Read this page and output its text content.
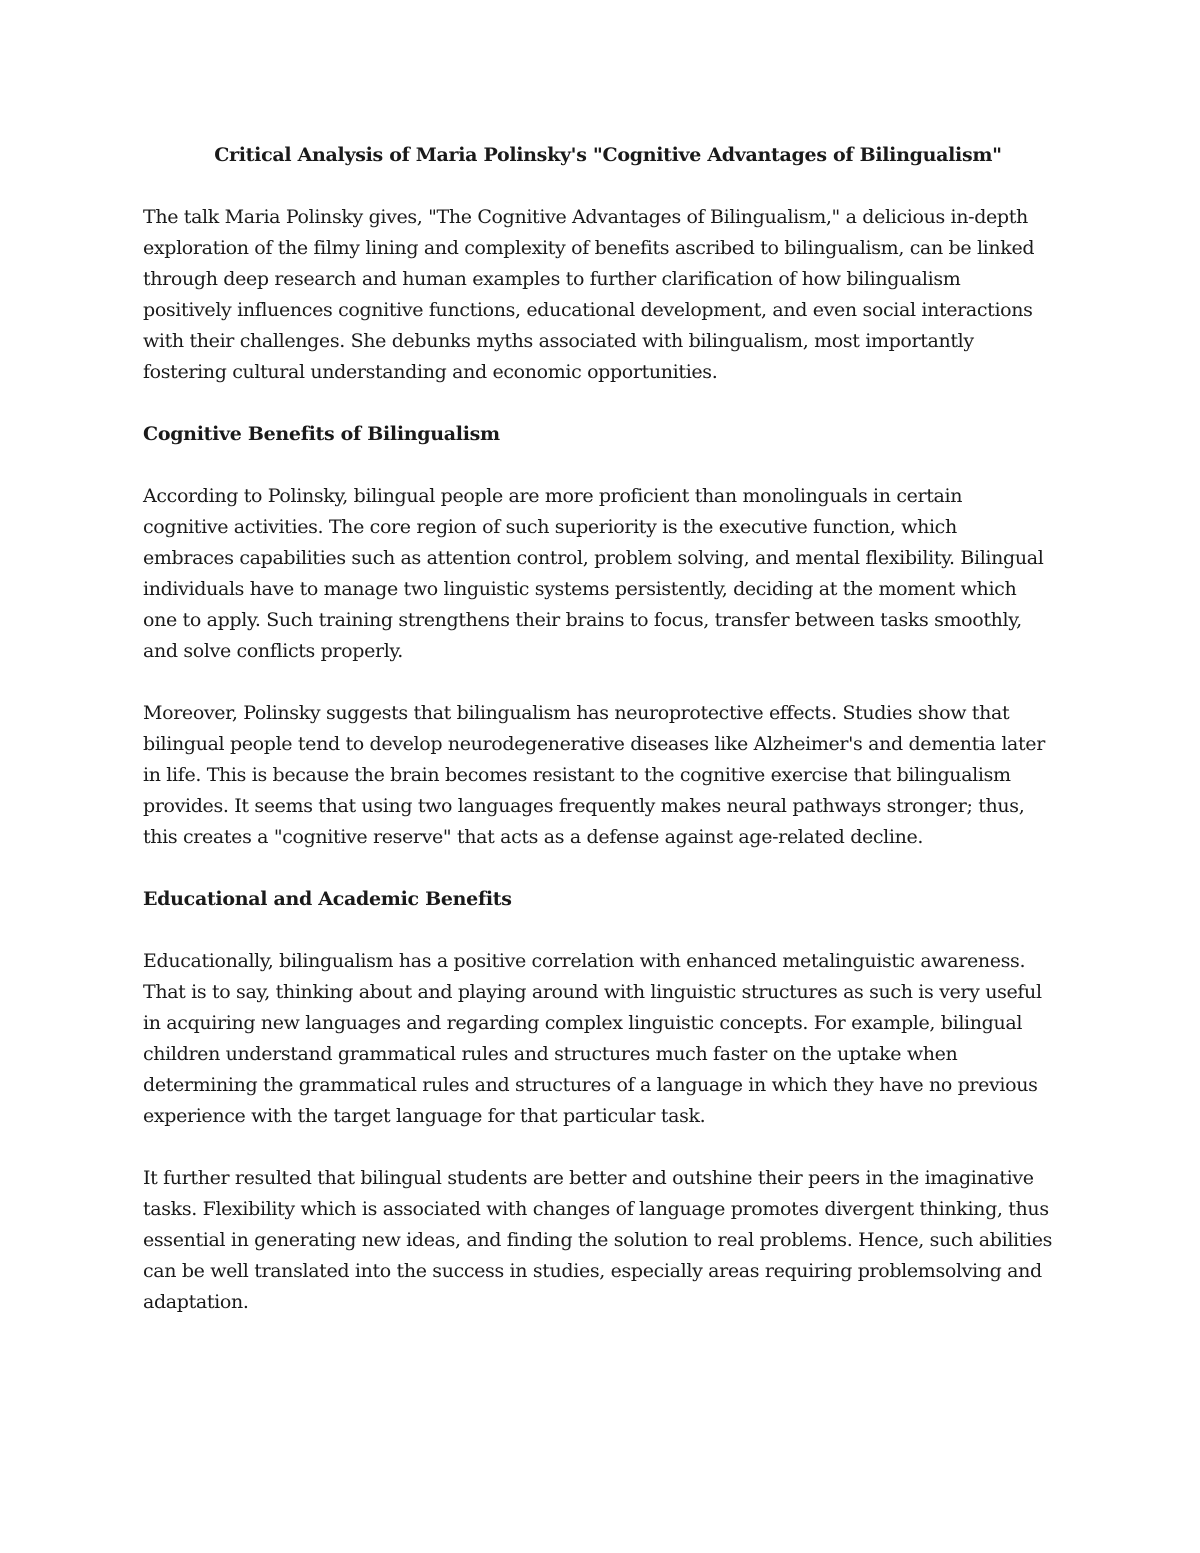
Critical Analysis of Maria Polinsky's "Cognitive Advantages of Bilingualism"
The talk Maria Polinsky gives, "The Cognitive Advantages of Bilingualism," a delicious in-depth
exploration of the filmy lining and complexity of benefits ascribed to bilingualism, can be linked
through deep research and human examples to further clarification of how bilingualism
positively influences cognitive functions, educational development, and even social interactions
with their challenges. She debunks myths associated with bilingualism, most importantly
fostering cultural understanding and economic opportunities.
Cognitive Benefits of Bilingualism
According to Polinsky, bilingual people are more proficient than monolinguals in certain
cognitive activities. The core region of such superiority is the executive function, which
embraces capabilities such as attention control, problem solving, and mental flexibility. Bilingual
individuals have to manage two linguistic systems persistently, deciding at the moment which
one to apply. Such training strengthens their brains to focus, transfer between tasks smoothly,
and solve conflicts properly.
Moreover, Polinsky suggests that bilingualism has neuroprotective effects. Studies show that
bilingual people tend to develop neurodegenerative diseases like Alzheimer's and dementia later
in life. This is because the brain becomes resistant to the cognitive exercise that bilingualism
provides. It seems that using two languages frequently makes neural pathways stronger; thus,
this creates a "cognitive reserve" that acts as a defense against age-related decline.
Educational and Academic Benefits
Educationally, bilingualism has a positive correlation with enhanced metalinguistic awareness.
That is to say, thinking about and playing around with linguistic structures as such is very useful
in acquiring new languages and regarding complex linguistic concepts. For example, bilingual
children understand grammatical rules and structures much faster on the uptake when
determining the grammatical rules and structures of a language in which they have no previous
experience with the target language for that particular task.
It further resulted that bilingual students are better and outshine their peers in the imaginative
tasks. Flexibility which is associated with changes of language promotes divergent thinking, thus
essential in generating new ideas, and finding the solution to real problems. Hence, such abilities
can be well translated into the success in studies, especially areas requiring problemsolving and
adaptation.
